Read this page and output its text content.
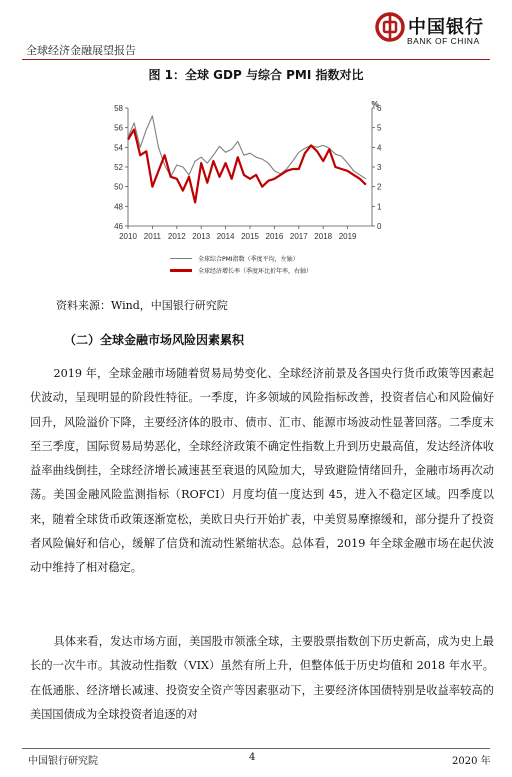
全球经济金融展望报告
中国银行
BANK OF CHINA
图 1：全球 GDP 与综合 PMI 指数对比
46
48
50
52
54
56
58
0
1
2
3
4
5
6
%
2010 2011 2012 2013 2014 2015 2016 2017 2018 2019
全球综合PMI指数（季度平均，左轴）
全球经济增长率（季度环比折年率，右轴）
资料来源：Wind，中国银行研究院
（二）全球金融市场风险因素累积
2019 年，全球金融市场随着贸易局势变化、全球经济前景及各国央行货币政策等因素起伏波动，呈现明显的阶段性特征。一季度，许多领域的风险指标改善，投资者信心和风险偏好回升，风险溢价下降，主要经济体的股市、债市、汇市、能源市场波动性显著回落。二季度末至三季度，国际贸易局势恶化，全球经济政策不确定性指数上升到历史最高值，发达经济体收益率曲线倒挂，全球经济增长减速甚至衰退的风险加大，导致避险情绪回升，金融市场再次动荡。美国金融风险监测指标（ROFCI）月度均值一度达到 45，进入不稳定区域。四季度以来，随着全球货币政策逐渐宽松，美欧日央行开始扩表，中美贸易摩擦缓和，部分提升了投资者风险偏好和信心，缓解了信贷和流动性紧缩状态。总体看，2019 年全球金融市场在起伏波动中维持了相对稳定。
具体来看，发达市场方面，美国股市领涨全球，主要股票指数创下历史新高，成为史上最长的一次牛市。其波动性指数（VIX）虽然有所上升，但整体低于历史均值和 2018 年水平。在低通胀、经济增长减速、投资安全资产等因素驱动下，主要经济体国债特别是收益率较高的美国国债成为全球投资者追逐的对
中国银行研究院	4	2020 年
